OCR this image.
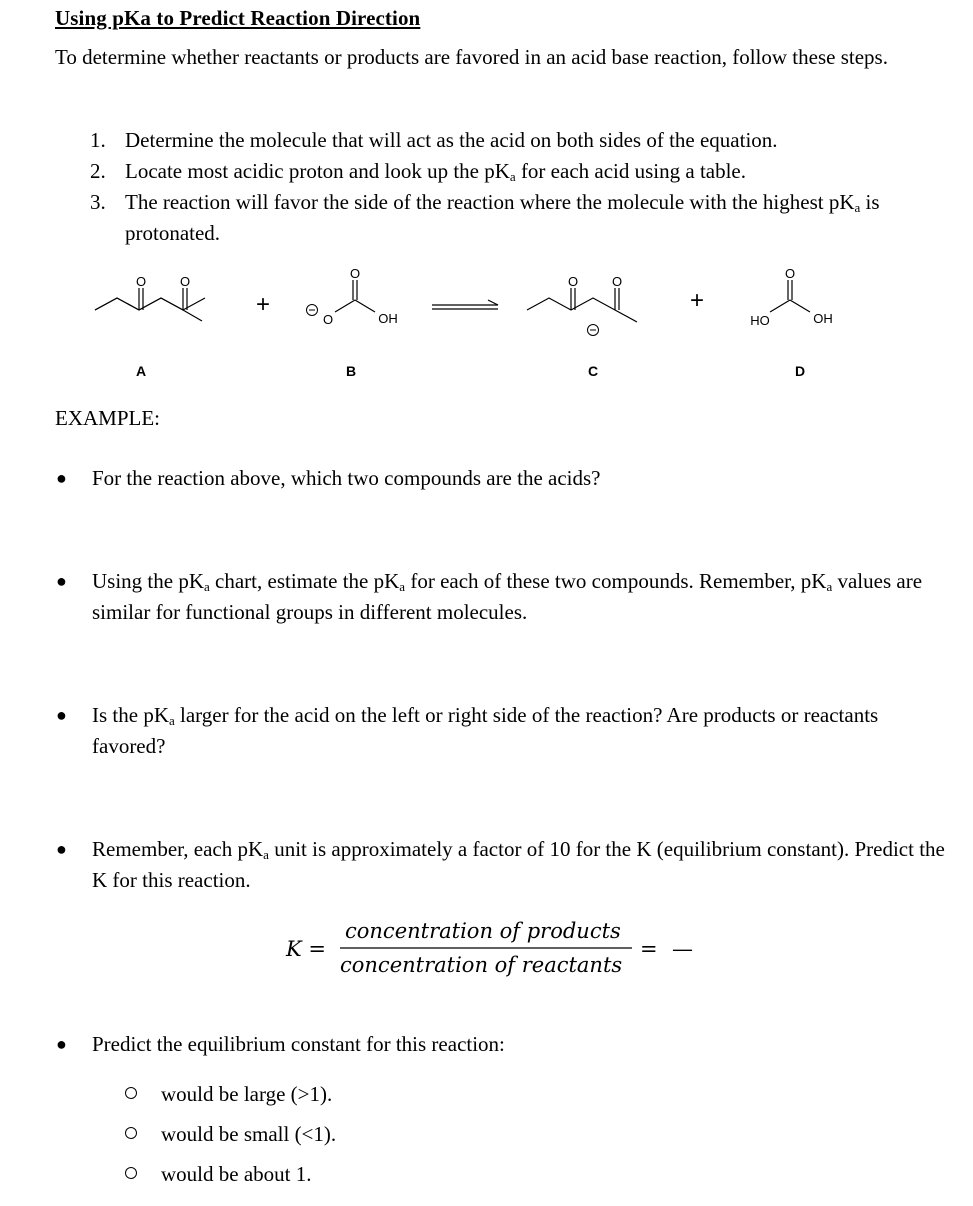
Using pKa to Predict Reaction Direction
To determine whether reactants or products are favored in an acid base reaction, follow these steps.
1. Determine the molecule that will act as the acid on both sides of the equation.
2. Locate most acidic proton and look up the $pK_a$ for each acid using a table.
3. The reaction will favor the side of the reaction where the molecule with the highest $pK_a$ is protonated.
O	O
A
+
O
O
OH
B
O	O
C
+
O
HO	OH
D
EXAMPLE:
●	For the reaction above, which two compounds are the acids?
●	Using the $pK_a$ chart, estimate the $pK_a$ for each of these two compounds. Remember, $pK_a$ values are similar for functional groups in different molecules.
●	Is the $pK_a$ larger for the acid on the left or right side of the reaction? Are products or reactants favored?
●	Remember, each $pK_a$ unit is approximately a factor of 10 for the K (equilibrium constant). Predict the K for this reaction.
K =
concentration of products
concentration of reactants
= —
●	Predict the equilibrium constant for this reaction:
would be large (>1).
would be small (<1).
would be about 1.
